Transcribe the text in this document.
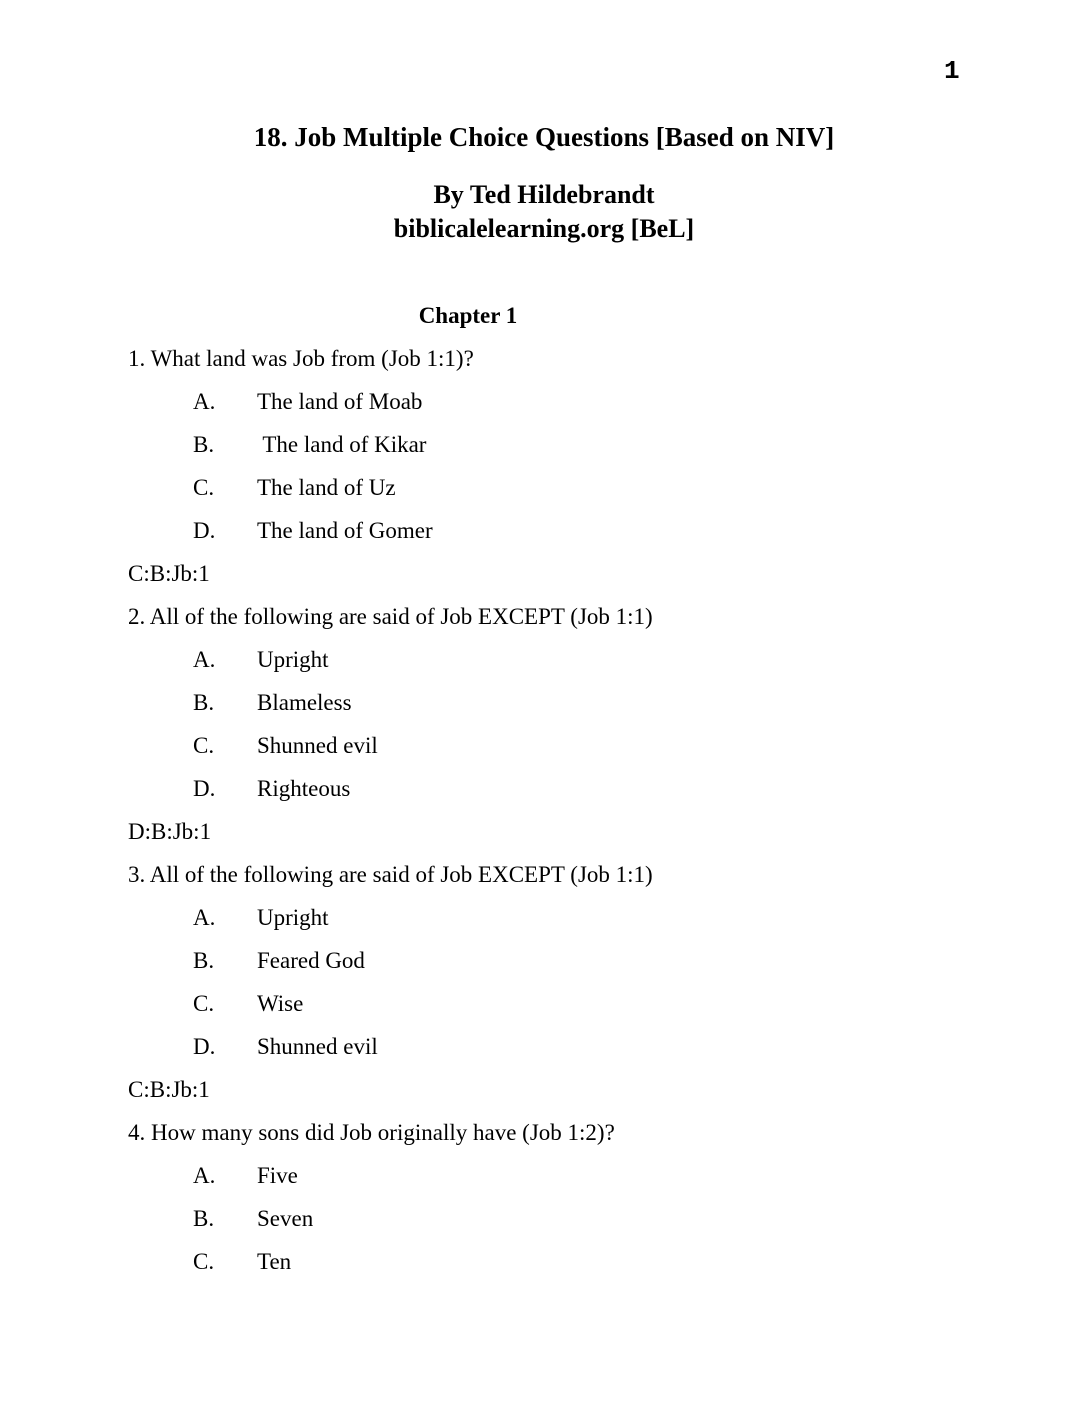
1
18. Job Multiple Choice Questions [Based on NIV]
By Ted Hildebrandt
biblicalelearning.org [BeL]
Chapter 1
1. What land was Job from (Job 1:1)?
A. The land of Moab
B. The land of Kikar
C. The land of Uz
D. The land of Gomer
C:B:Jb:1
2. All of the following are said of Job EXCEPT (Job 1:1)
A. Upright
B. Blameless
C. Shunned evil
D. Righteous
D:B:Jb:1
3. All of the following are said of Job EXCEPT (Job 1:1)
A. Upright
B. Feared God
C. Wise
D. Shunned evil
C:B:Jb:1
4. How many sons did Job originally have (Job 1:2)?
A. Five
B. Seven
C. Ten
